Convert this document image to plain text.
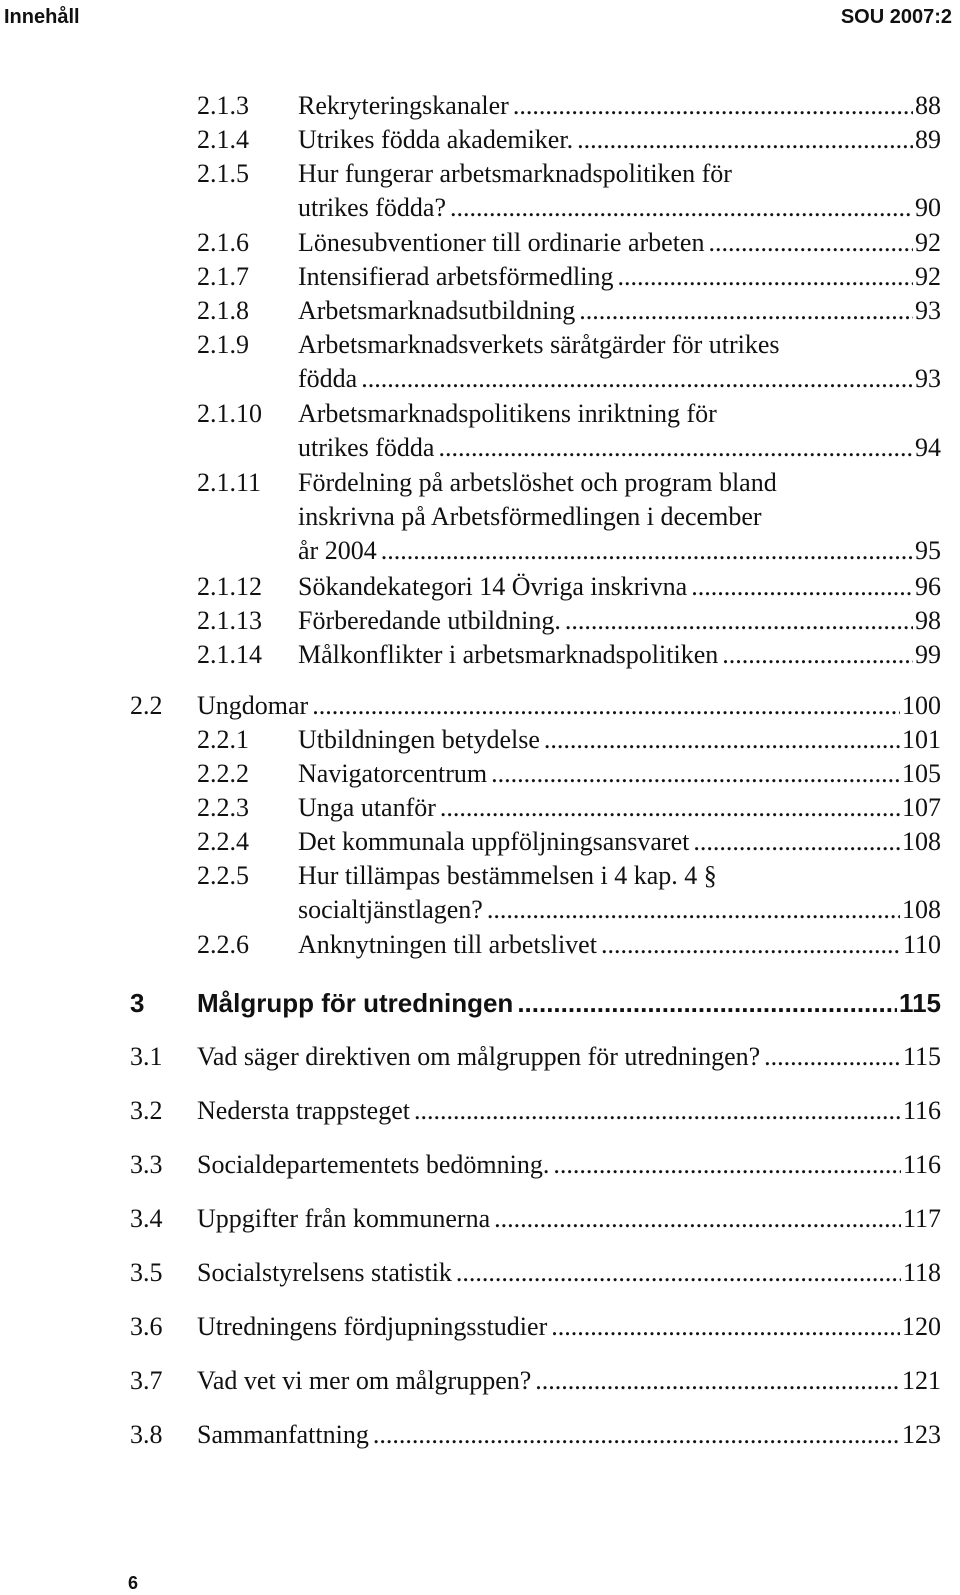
Innehåll	SOU 2007:2
2.1.3 Rekryteringskanaler .....	88
2.1.4 Utrikes födda akademiker. .....	89
2.1.5 Hur fungerar arbetsmarknadspolitiken för
utrikes födda? .....	90
2.1.6 Lönesubventioner till ordinarie arbeten .....	92
2.1.7 Intensifierad arbetsförmedling .....	92
2.1.8 Arbetsmarknadsutbildning .....	93
2.1.9 Arbetsmarknadsverkets säråtgärder för utrikes
födda .....	93
2.1.10 Arbetsmarknadspolitikens inriktning för
utrikes födda .....	94
2.1.11 Fördelning på arbetslöshet och program bland
inskrivna på Arbetsförmedlingen i december
år 2004 .....	95
2.1.12 Sökandekategori 14 Övriga inskrivna .....	96
2.1.13 Förberedande utbildning. .....	98
2.1.14 Målkonflikter i arbetsmarknadspolitiken .....	99
2.2 Ungdomar .....	100
2.2.1 Utbildningen betydelse .....	101
2.2.2 Navigatorcentrum .....	105
2.2.3 Unga utanför .....	107
2.2.4 Det kommunala uppföljningsansvaret .....	108
2.2.5 Hur tillämpas bestämmelsen i 4 kap. 4 §
socialtjänstlagen? .....	108
2.2.6 Anknytningen till arbetslivet .....	110
3 Målgrupp för utredningen .....	115
3.1 Vad säger direktiven om målgruppen för utredningen? .....	115
3.2 Nedersta trappsteget .....	116
3.3 Socialdepartementets bedömning. .....	116
3.4 Uppgifter från kommunerna .....	117
3.5 Socialstyrelsens statistik .....	118
3.6 Utredningens fördjupningsstudier .....	120
3.7 Vad vet vi mer om målgruppen? .....	121
3.8 Sammanfattning .....	123
6
